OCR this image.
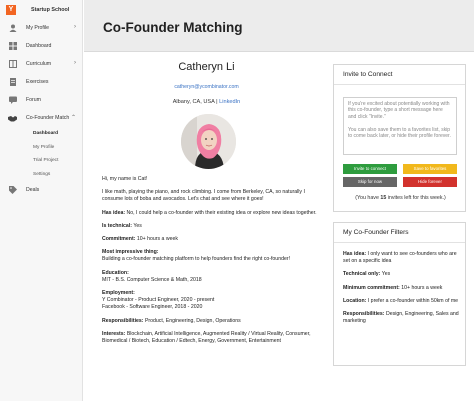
Y	Startup School
My Profile	›
Dashboard
Curriculum	›
Exercises
Forum
Co-Founder Match ⌃
Dashboard
My Profile
Trial Project
Settings
Deals
Co-Founder Matching
Catheryn Li
catheryn@ycombinator.com
Albany, CA, USA | LinkedIn

Hi, my name is Cat!

I like math, playing the piano, and rock climbing. I come from Berkeley, CA, so naturally I consume lots of boba and avocados. Let's chat and see where it goes!

Has idea: No, I could help a co-founder with their existing idea or explore new ideas together.

Is technical: Yes

Commitment: 10+ hours a week

Most impressive thing:
Building a co-founder matching platform to help founders find the right co-founder!

Education:
MIT - B.S. Computer Science & Math, 2018

Employment:
Y Combinator - Product Engineer, 2020 - present
Facebook - Software Engineer, 2018 - 2020

Responsibilities: Product, Engineering, Design, Operations

Interests: Blockchain, Artificial Intelligence, Augmented Reality / Virtual Reality, Consumer, Biomedical / Biotech, Education / Edtech, Energy, Government, Entertainment

Invite to Connect
If you're excited about potentially working with this co-founder, type a short message here and click "Invite."

You can also save them to a favorites list, skip to come back later, or hide their profile forever.
Invite to connect	Save to favorites
Skip for now	Hide forever
(You have 15 invites left for this week.)
My Co-Founder Filters

Has idea: I only want to see co-founders who are set on a specific idea

Technical only: Yes

Minimum commitment: 10+ hours a week

Location: I prefer a co-founder within 50km of me

Responsibilities: Design, Engineering, Sales and marketing
